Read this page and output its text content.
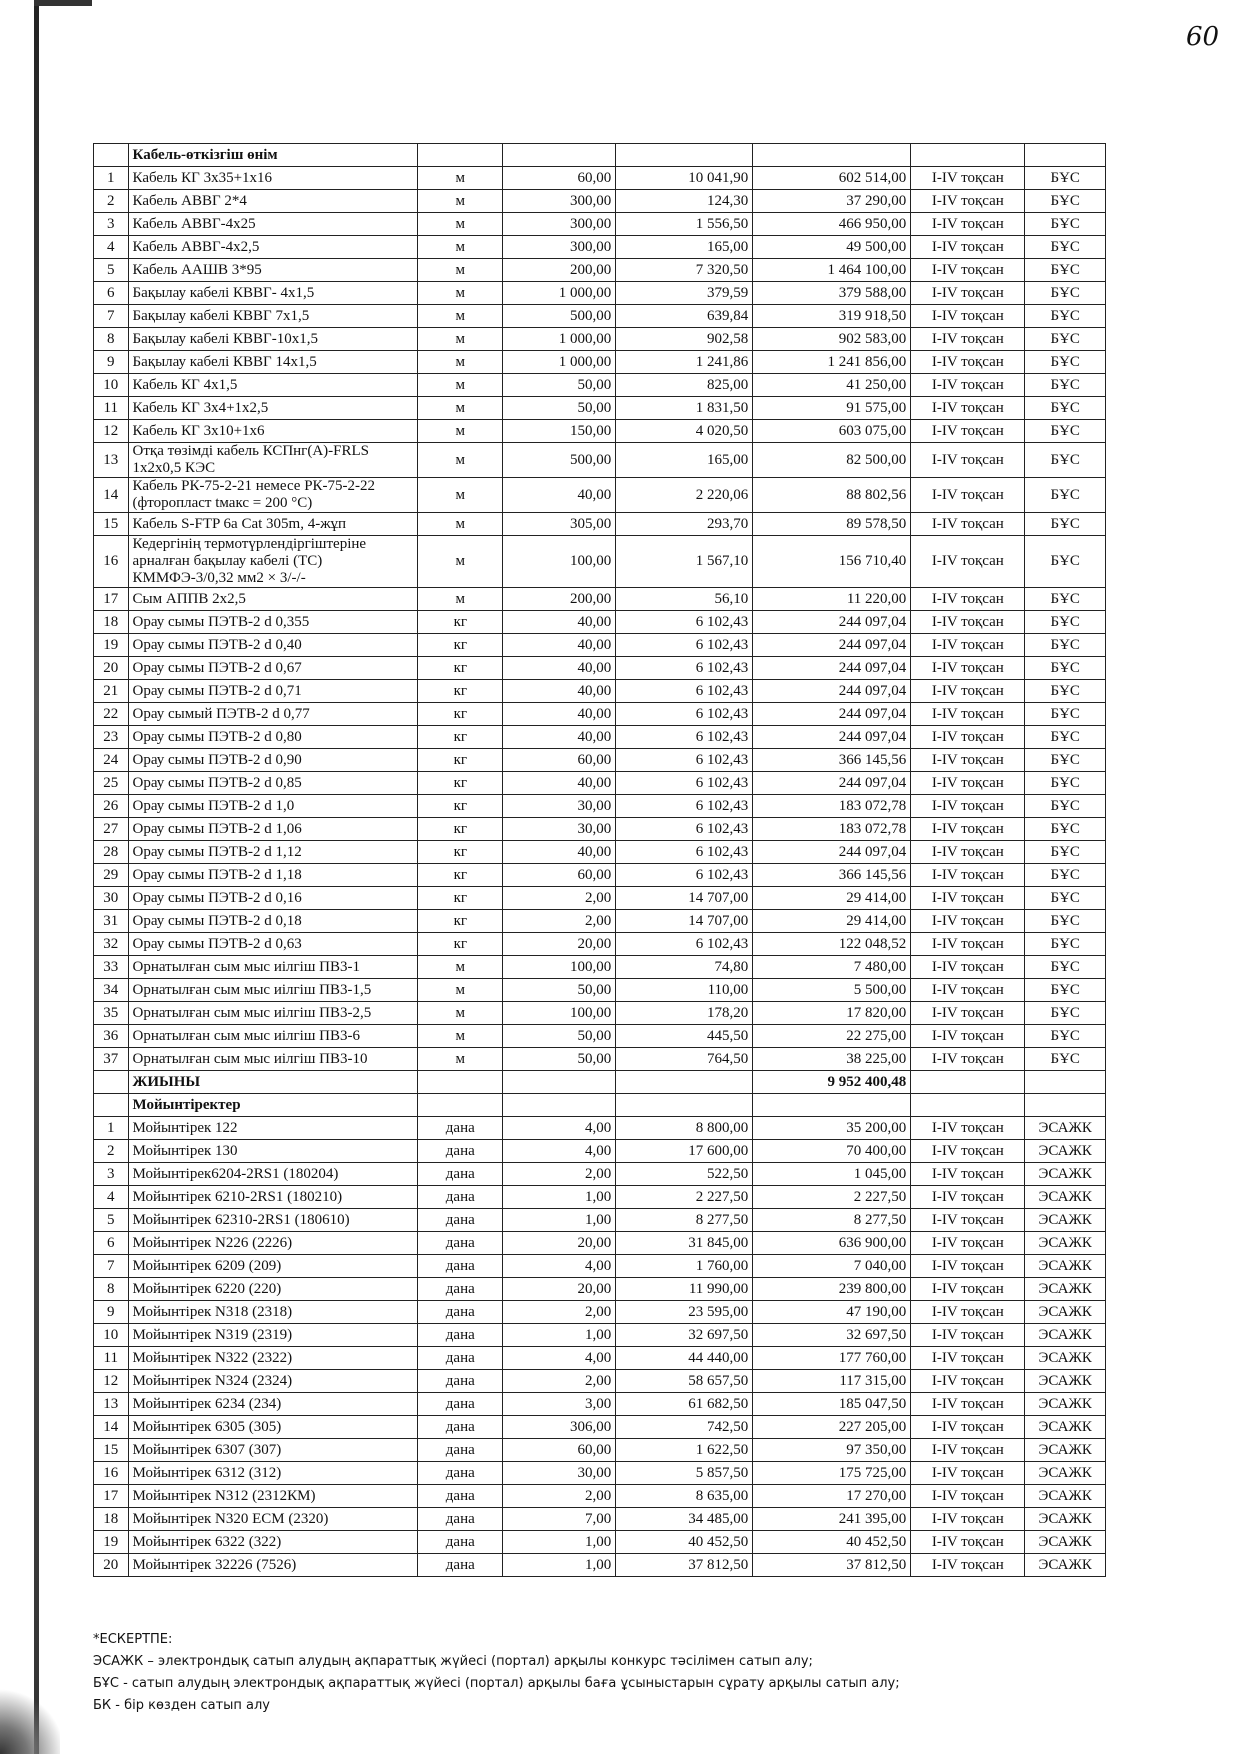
60
	Кабель-өткізгіш өнім						
1	Кабель КГ 3х35+1х16	м	60,00	10 041,90	602 514,00	I-IV тоқсан	БҰС
2	Кабель АВВГ 2*4	м	300,00	124,30	37 290,00	I-IV тоқсан	БҰС
3	Кабель АВВГ-4х25	м	300,00	1 556,50	466 950,00	I-IV тоқсан	БҰС
4	Кабель АВВГ-4х2,5	м	300,00	165,00	49 500,00	I-IV тоқсан	БҰС
5	Кабель ААШВ 3*95	м	200,00	7 320,50	1 464 100,00	I-IV тоқсан	БҰС
6	Бақылау кабелі КВВГ- 4х1,5	м	1 000,00	379,59	379 588,00	I-IV тоқсан	БҰС
7	Бақылау кабелі КВВГ 7х1,5	м	500,00	639,84	319 918,50	I-IV тоқсан	БҰС
8	Бақылау кабелі КВВГ-10х1,5	м	1 000,00	902,58	902 583,00	I-IV тоқсан	БҰС
9	Бақылау кабелі КВВГ 14х1,5	м	1 000,00	1 241,86	1 241 856,00	I-IV тоқсан	БҰС
10	Кабель КГ 4х1,5	м	50,00	825,00	41 250,00	I-IV тоқсан	БҰС
11	Кабель КГ 3х4+1х2,5	м	50,00	1 831,50	91 575,00	I-IV тоқсан	БҰС
12	Кабель КГ 3х10+1х6	м	150,00	4 020,50	603 075,00	I-IV тоқсан	БҰС
13	Отқа төзімді кабель КСПнг(А)-FRLS 1х2х0,5 КЭС	м	500,00	165,00	82 500,00	I-IV тоқсан	БҰС
14	Кабель РК-75-2-21 немесе РК-75-2-22 (фторопласт tмакс = 200 °С)	м	40,00	2 220,06	88 802,56	I-IV тоқсан	БҰС
15	Кабель S-FTP 6a Cat 305m, 4-жұп	м	305,00	293,70	89 578,50	I-IV тоқсан	БҰС
16	Кедергінің термотүрлендіргіштеріне арналған бақылау кабелі (ТС) КММФЭ-3/0,32 мм2 × 3/-/-	м	100,00	1 567,10	156 710,40	I-IV тоқсан	БҰС
17	Сым АППВ 2х2,5	м	200,00	56,10	11 220,00	I-IV тоқсан	БҰС
18	Орау сымы ПЭТВ-2 d 0,355	кг	40,00	6 102,43	244 097,04	I-IV тоқсан	БҰС
19	Орау сымы ПЭТВ-2 d 0,40	кг	40,00	6 102,43	244 097,04	I-IV тоқсан	БҰС
20	Орау сымы ПЭТВ-2 d 0,67	кг	40,00	6 102,43	244 097,04	I-IV тоқсан	БҰС
21	Орау сымы ПЭТВ-2 d 0,71	кг	40,00	6 102,43	244 097,04	I-IV тоқсан	БҰС
22	Орау сымый ПЭТВ-2 d 0,77	кг	40,00	6 102,43	244 097,04	I-IV тоқсан	БҰС
23	Орау сымы ПЭТВ-2 d 0,80	кг	40,00	6 102,43	244 097,04	I-IV тоқсан	БҰС
24	Орау сымы ПЭТВ-2 d 0,90	кг	60,00	6 102,43	366 145,56	I-IV тоқсан	БҰС
25	Орау сымы ПЭТВ-2 d 0,85	кг	40,00	6 102,43	244 097,04	I-IV тоқсан	БҰС
26	Орау сымы ПЭТВ-2 d 1,0	кг	30,00	6 102,43	183 072,78	I-IV тоқсан	БҰС
27	Орау сымы ПЭТВ-2 d 1,06	кг	30,00	6 102,43	183 072,78	I-IV тоқсан	БҰС
28	Орау сымы ПЭТВ-2 d 1,12	кг	40,00	6 102,43	244 097,04	I-IV тоқсан	БҰС
29	Орау сымы ПЭТВ-2 d 1,18	кг	60,00	6 102,43	366 145,56	I-IV тоқсан	БҰС
30	Орау сымы ПЭТВ-2 d 0,16	кг	2,00	14 707,00	29 414,00	I-IV тоқсан	БҰС
31	Орау сымы ПЭТВ-2 d 0,18	кг	2,00	14 707,00	29 414,00	I-IV тоқсан	БҰС
32	Орау сымы ПЭТВ-2 d 0,63	кг	20,00	6 102,43	122 048,52	I-IV тоқсан	БҰС
33	Орнатылған сым мыс иілгіш ПВ3-1	м	100,00	74,80	7 480,00	I-IV тоқсан	БҰС
34	Орнатылған сым мыс иілгіш ПВ3-1,5	м	50,00	110,00	5 500,00	I-IV тоқсан	БҰС
35	Орнатылған сым мыс иілгіш ПВ3-2,5	м	100,00	178,20	17 820,00	I-IV тоқсан	БҰС
36	Орнатылған сым мыс иілгіш ПВ3-6	м	50,00	445,50	22 275,00	I-IV тоқсан	БҰС
37	Орнатылған сым мыс иілгіш ПВ3-10	м	50,00	764,50	38 225,00	I-IV тоқсан	БҰС
	ЖИЫНЫ				9 952 400,48		
	Мойынтіректер						
1	Мойынтірек 122	дана	4,00	8 800,00	35 200,00	I-IV тоқсан	ЭСАЖК
2	Мойынтірек 130	дана	4,00	17 600,00	70 400,00	I-IV тоқсан	ЭСАЖК
3	Мойынтірек6204-2RS1 (180204)	дана	2,00	522,50	1 045,00	I-IV тоқсан	ЭСАЖК
4	Мойынтірек 6210-2RS1 (180210)	дана	1,00	2 227,50	2 227,50	I-IV тоқсан	ЭСАЖК
5	Мойынтірек 62310-2RS1 (180610)	дана	1,00	8 277,50	8 277,50	I-IV тоқсан	ЭСАЖК
6	Мойынтірек N226 (2226)	дана	20,00	31 845,00	636 900,00	I-IV тоқсан	ЭСАЖК
7	Мойынтірек 6209 (209)	дана	4,00	1 760,00	7 040,00	I-IV тоқсан	ЭСАЖК
8	Мойынтірек 6220 (220)	дана	20,00	11 990,00	239 800,00	I-IV тоқсан	ЭСАЖК
9	Мойынтірек N318 (2318)	дана	2,00	23 595,00	47 190,00	I-IV тоқсан	ЭСАЖК
10	Мойынтірек N319 (2319)	дана	1,00	32 697,50	32 697,50	I-IV тоқсан	ЭСАЖК
11	Мойынтірек N322 (2322)	дана	4,00	44 440,00	177 760,00	I-IV тоқсан	ЭСАЖК
12	Мойынтірек N324 (2324)	дана	2,00	58 657,50	117 315,00	I-IV тоқсан	ЭСАЖК
13	Мойынтірек 6234 (234)	дана	3,00	61 682,50	185 047,50	I-IV тоқсан	ЭСАЖК
14	Мойынтірек 6305 (305)	дана	306,00	742,50	227 205,00	I-IV тоқсан	ЭСАЖК
15	Мойынтірек 6307 (307)	дана	60,00	1 622,50	97 350,00	I-IV тоқсан	ЭСАЖК
16	Мойынтірек 6312 (312)	дана	30,00	5 857,50	175 725,00	I-IV тоқсан	ЭСАЖК
17	Мойынтірек N312 (2312КМ)	дана	2,00	8 635,00	17 270,00	I-IV тоқсан	ЭСАЖК
18	Мойынтірек N320 ЕСМ (2320)	дана	7,00	34 485,00	241 395,00	I-IV тоқсан	ЭСАЖК
19	Мойынтірек 6322 (322)	дана	1,00	40 452,50	40 452,50	I-IV тоқсан	ЭСАЖК
20	Мойынтірек 32226 (7526)	дана	1,00	37 812,50	37 812,50	I-IV тоқсан	ЭСАЖК
*ЕСКЕРТПЕ:
ЭСАЖК – электрондық сатып алудың ақпараттық жүйесі (портал) арқылы конкурс тәсілімен сатып алу;
БҰС - сатып алудың электрондық ақпараттық жүйесі (портал) арқылы баға ұсыныстарын сұрату арқылы сатып алу;
БК - бір көзден сатып алу
